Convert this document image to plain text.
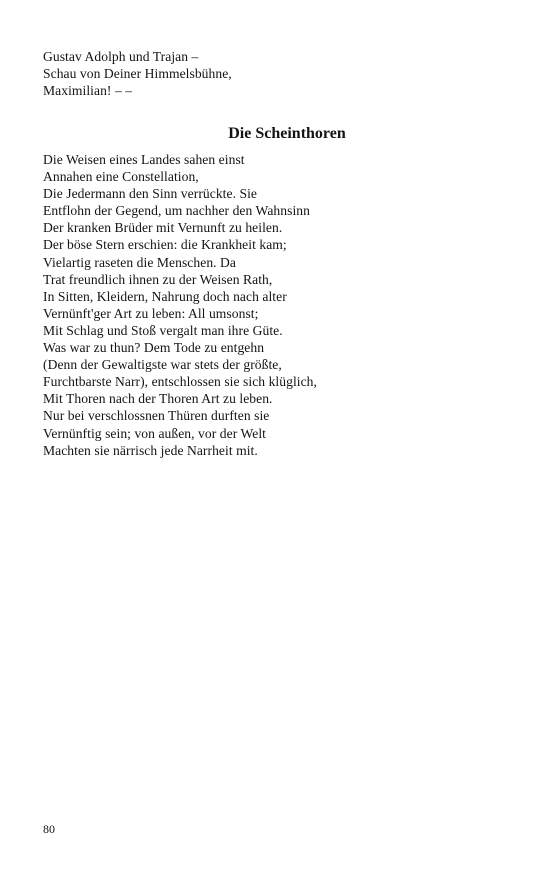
Gustav Adolph und Trajan –
Schau von Deiner Himmelsbühne,
Maximilian! – –
Die Scheinthoren
Die Weisen eines Landes sahen einst
Annahen eine Constellation,
Die Jedermann den Sinn verrückte. Sie
Entflohn der Gegend, um nachher den Wahnsinn
Der kranken Brüder mit Vernunft zu heilen.
Der böse Stern erschien: die Krankheit kam;
Vielartig raseten die Menschen. Da
Trat freundlich ihnen zu der Weisen Rath,
In Sitten, Kleidern, Nahrung doch nach alter
Vernünft'ger Art zu leben: All umsonst;
Mit Schlag und Stoß vergalt man ihre Güte.
Was war zu thun? Dem Tode zu entgehn
(Denn der Gewaltigste war stets der größte,
Furchtbarste Narr), entschlossen sie sich klüglich,
Mit Thoren nach der Thoren Art zu leben.
Nur bei verschlossnen Thüren durften sie
Vernünftig sein; von außen, vor der Welt
Machten sie närrisch jede Narrheit mit.
80
